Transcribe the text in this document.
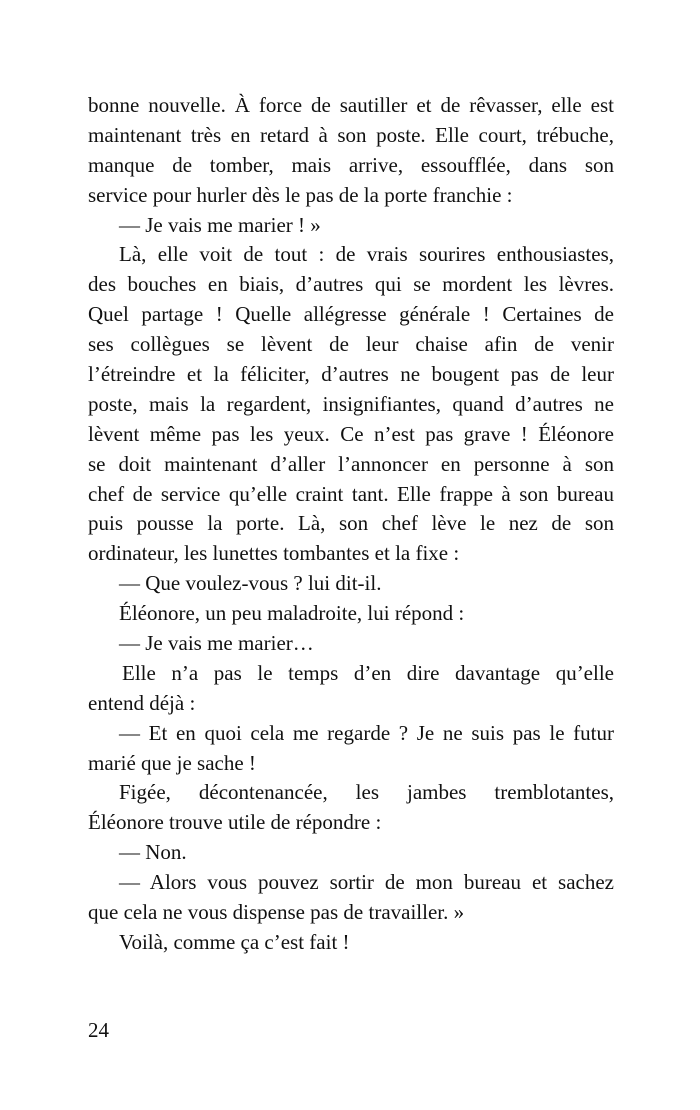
bonne nouvelle. À force de sautiller et de rêvasser, elle est
maintenant très en retard à son poste. Elle court, trébuche,
manque de tomber, mais arrive, essoufflée, dans son
service pour hurler dès le pas de la porte franchie :
— Je vais me marier ! »
Là, elle voit de tout : de vrais sourires enthousiastes,
des bouches en biais, d’autres qui se mordent les lèvres.
Quel partage ! Quelle allégresse générale ! Certaines de
ses collègues se lèvent de leur chaise afin de venir
l’étreindre et la féliciter, d’autres ne bougent pas de leur
poste, mais la regardent, insignifiantes, quand d’autres ne
lèvent même pas les yeux. Ce n’est pas grave ! Éléonore
se doit maintenant d’aller l’annoncer en personne à son
chef de service qu’elle craint tant. Elle frappe à son bureau
puis pousse la porte. Là, son chef lève le nez de son
ordinateur, les lunettes tombantes et la fixe :
— Que voulez-vous ? lui dit-il.
Éléonore, un peu maladroite, lui répond :
— Je vais me marier…
Elle n’a pas le temps d’en dire davantage qu’elle
entend déjà :
— Et en quoi cela me regarde ? Je ne suis pas le futur
marié que je sache !
Figée, décontenancée, les jambes tremblotantes,
Éléonore trouve utile de répondre :
— Non.
— Alors vous pouvez sortir de mon bureau et sachez
que cela ne vous dispense pas de travailler. »
Voilà, comme ça c’est fait !
24
